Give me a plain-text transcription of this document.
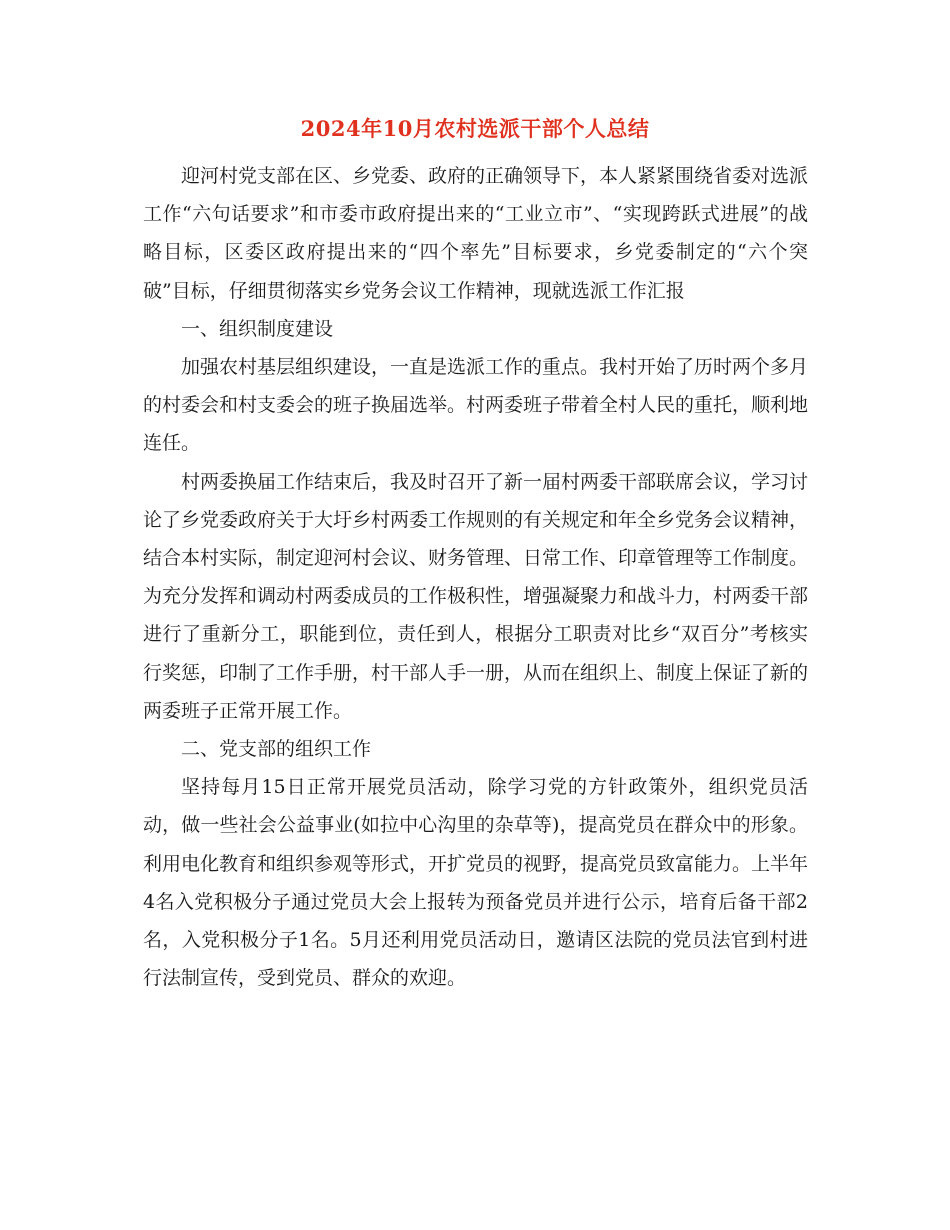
2024年10月农村选派干部个人总结

迎河村党支部在区、乡党委、政府的正确领导下，本人紧紧围绕省委对选派工作“六句话要求”和市委市政府提出来的“工业立市”、“实现跨跃式进展”的战略目标，区委区政府提出来的“四个率先”目标要求，乡党委制定的“六个突破”目标，仔细贯彻落实乡党务会议工作精神，现就选派工作汇报

一、组织制度建设

加强农村基层组织建设，一直是选派工作的重点。我村开始了历时两个多月的村委会和村支委会的班子换届选举。村两委班子带着全村人民的重托，顺利地连任。

村两委换届工作结束后，我及时召开了新一届村两委干部联席会议，学习讨论了乡党委政府关于大圩乡村两委工作规则的有关规定和年全乡党务会议精神，结合本村实际，制定迎河村会议、财务管理、日常工作、印章管理等工作制度。为充分发挥和调动村两委成员的工作极积性，增强凝聚力和战斗力，村两委干部进行了重新分工，职能到位，责任到人，根据分工职责对比乡“双百分”考核实行奖惩，印制了工作手册，村干部人手一册，从而在组织上、制度上保证了新的两委班子正常开展工作。

二、党支部的组织工作

坚持每月15日正常开展党员活动，除学习党的方针政策外，组织党员活动，做一些社会公益事业(如拉中心沟里的杂草等)，提高党员在群众中的形象。利用电化教育和组织参观等形式，开扩党员的视野，提高党员致富能力。上半年4名入党积极分子通过党员大会上报转为预备党员并进行公示，培育后备干部2名，入党积极分子1名。5月还利用党员活动日，邀请区法院的党员法官到村进行法制宣传，受到党员、群众的欢迎。
